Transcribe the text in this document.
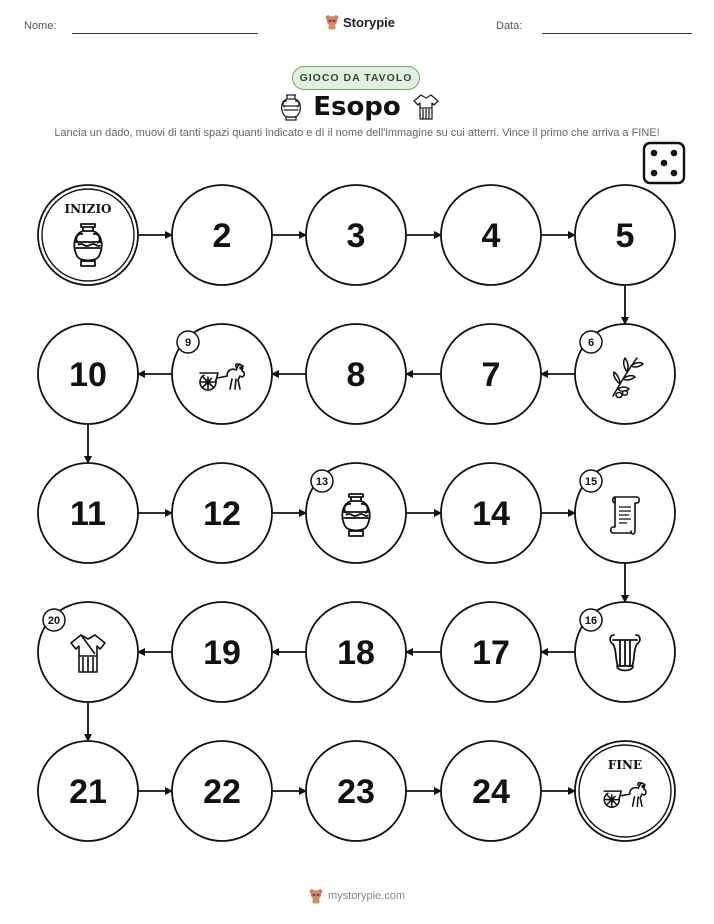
Nome:	Storypie	Data:
GIOCO DA TAVOLO
Esopo
Lancia un dado, muovi di tanti spazi quanti indicato e dì il nome dell'immagine su cui atterri. Vince il primo che arriva a FINE!
INIZIO
2	3	4	5
6
7
8
9
10
11	12
13
14
15
16
17
18
19
20
21	22	23	24
FINE
mystorypie.com
